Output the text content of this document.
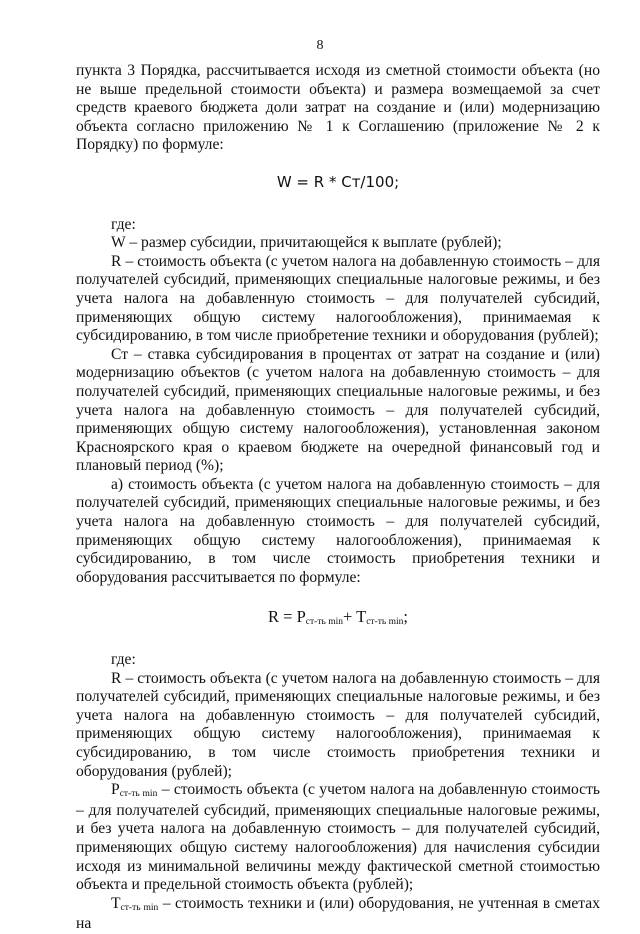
8

пункта 3 Порядка, рассчитывается исходя из сметной стоимости объекта (но не выше предельной стоимости объекта) и размера возмещаемой за счет средств краевого бюджета доли затрат на создание и (или) модернизацию объекта согласно приложению № 1 к Соглашению (приложение № 2 к Порядку) по формуле:

W = R * Ст/100;

где:

W – размер субсидии, причитающейся к выплате (рублей);

R – стоимость объекта (с учетом налога на добавленную стоимость – для получателей субсидий, применяющих специальные налоговые режимы, и без учета налога на добавленную стоимость – для получателей субсидий, применяющих общую систему налогообложения), принимаемая к субсидированию, в том числе приобретение техники и оборудования (рублей);

Ст – ставка субсидирования в процентах от затрат на создание и (или) модернизацию объектов (с учетом налога на добавленную стоимость – для получателей субсидий, применяющих специальные налоговые режимы, и без учета налога на добавленную стоимость – для получателей субсидий, применяющих общую систему налогообложения), установленная законом Красноярского края о краевом бюджете на очередной финансовый год и плановый период (%);

а) стоимость объекта (с учетом налога на добавленную стоимость – для получателей субсидий, применяющих специальные налоговые режимы, и без учета налога на добавленную стоимость – для получателей субсидий, применяющих общую систему налогообложения), принимаемая к субсидированию, в том числе стоимость приобретения техники и оборудования рассчитывается по формуле:

$R = P_{ст-ть min}+ T_{ст-ть min}$;

где:

R – стоимость объекта (с учетом налога на добавленную стоимость – для получателей субсидий, применяющих специальные налоговые режимы, и без учета налога на добавленную стоимость – для получателей субсидий, применяющих общую систему налогообложения), принимаемая к субсидированию, в том числе стоимость приобретения техники и оборудования (рублей);

$P_{ст-ть min}$ – стоимость объекта (с учетом налога на добавленную стоимость – для получателей субсидий, применяющих специальные налоговые режимы, и без учета налога на добавленную стоимость – для получателей субсидий, применяющих общую систему налогообложения) для начисления субсидии исходя из минимальной величины между фактической сметной стоимостью объекта и предельной стоимость объекта (рублей);

$T_{ст-ть min}$ – стоимость техники и (или) оборудования, не учтенная в сметах на
